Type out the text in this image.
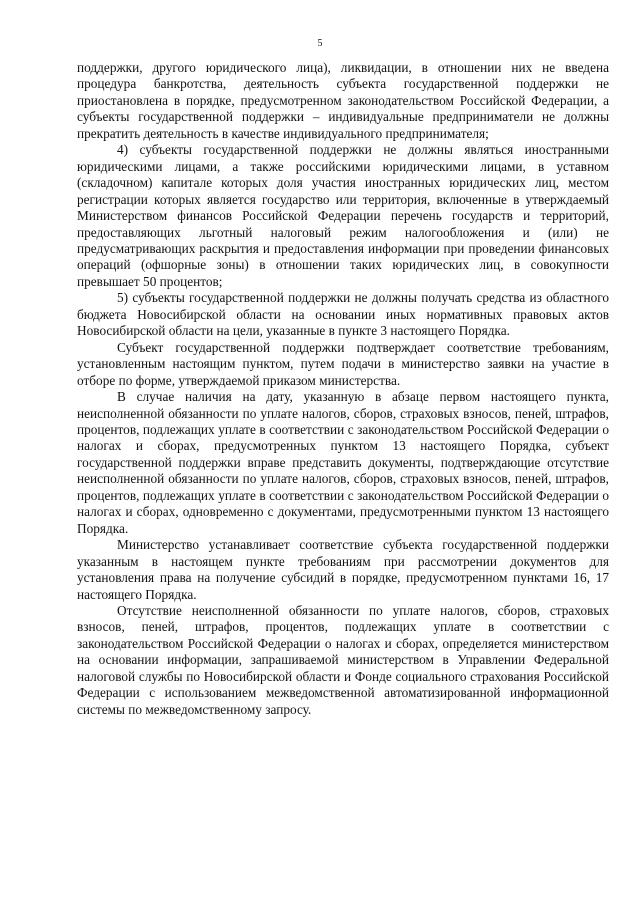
5

поддержки, другого юридического лица), ликвидации, в отношении них не введена процедура банкротства, деятельность субъекта государственной поддержки не приостановлена в порядке, предусмотренном законодательством Российской Федерации, а субъекты государственной поддержки – индивидуальные предприниматели не должны прекратить деятельность в качестве индивидуального предпринимателя;

4) субъекты государственной поддержки не должны являться иностранными юридическими лицами, а также российскими юридическими лицами, в уставном (складочном) капитале которых доля участия иностранных юридических лиц, местом регистрации которых является государство или территория, включенные в утверждаемый Министерством финансов Российской Федерации перечень государств и территорий, предоставляющих льготный налоговый режим налогообложения и (или) не предусматривающих раскрытия и предоставления информации при проведении финансовых операций (офшорные зоны) в отношении таких юридических лиц, в совокупности превышает 50 процентов;

5) субъекты государственной поддержки не должны получать средства из областного бюджета Новосибирской области на основании иных нормативных правовых актов Новосибирской области на цели, указанные в пункте 3 настоящего Порядка.

Субъект государственной поддержки подтверждает соответствие требованиям, установленным настоящим пунктом, путем подачи в министерство заявки на участие в отборе по форме, утверждаемой приказом министерства.

В случае наличия на дату, указанную в абзаце первом настоящего пункта, неисполненной обязанности по уплате налогов, сборов, страховых взносов, пеней, штрафов, процентов, подлежащих уплате в соответствии с законодательством Российской Федерации о налогах и сборах, предусмотренных пунктом 13 настоящего Порядка, субъект государственной поддержки вправе представить документы, подтверждающие отсутствие неисполненной обязанности по уплате налогов, сборов, страховых взносов, пеней, штрафов, процентов, подлежащих уплате в соответствии с законодательством Российской Федерации о налогах и сборах, одновременно с документами, предусмотренными пунктом 13 настоящего Порядка.

Министерство устанавливает соответствие субъекта государственной поддержки указанным в настоящем пункте требованиям при рассмотрении документов для установления права на получение субсидий в порядке, предусмотренном пунктами 16, 17 настоящего Порядка.

Отсутствие неисполненной обязанности по уплате налогов, сборов, страховых взносов, пеней, штрафов, процентов, подлежащих уплате в соответствии с законодательством Российской Федерации о налогах и сборах, определяется министерством на основании информации, запрашиваемой министерством в Управлении Федеральной налоговой службы по Новосибирской области и Фонде социального страхования Российской Федерации с использованием межведомственной автоматизированной информационной системы по межведомственному запросу.
